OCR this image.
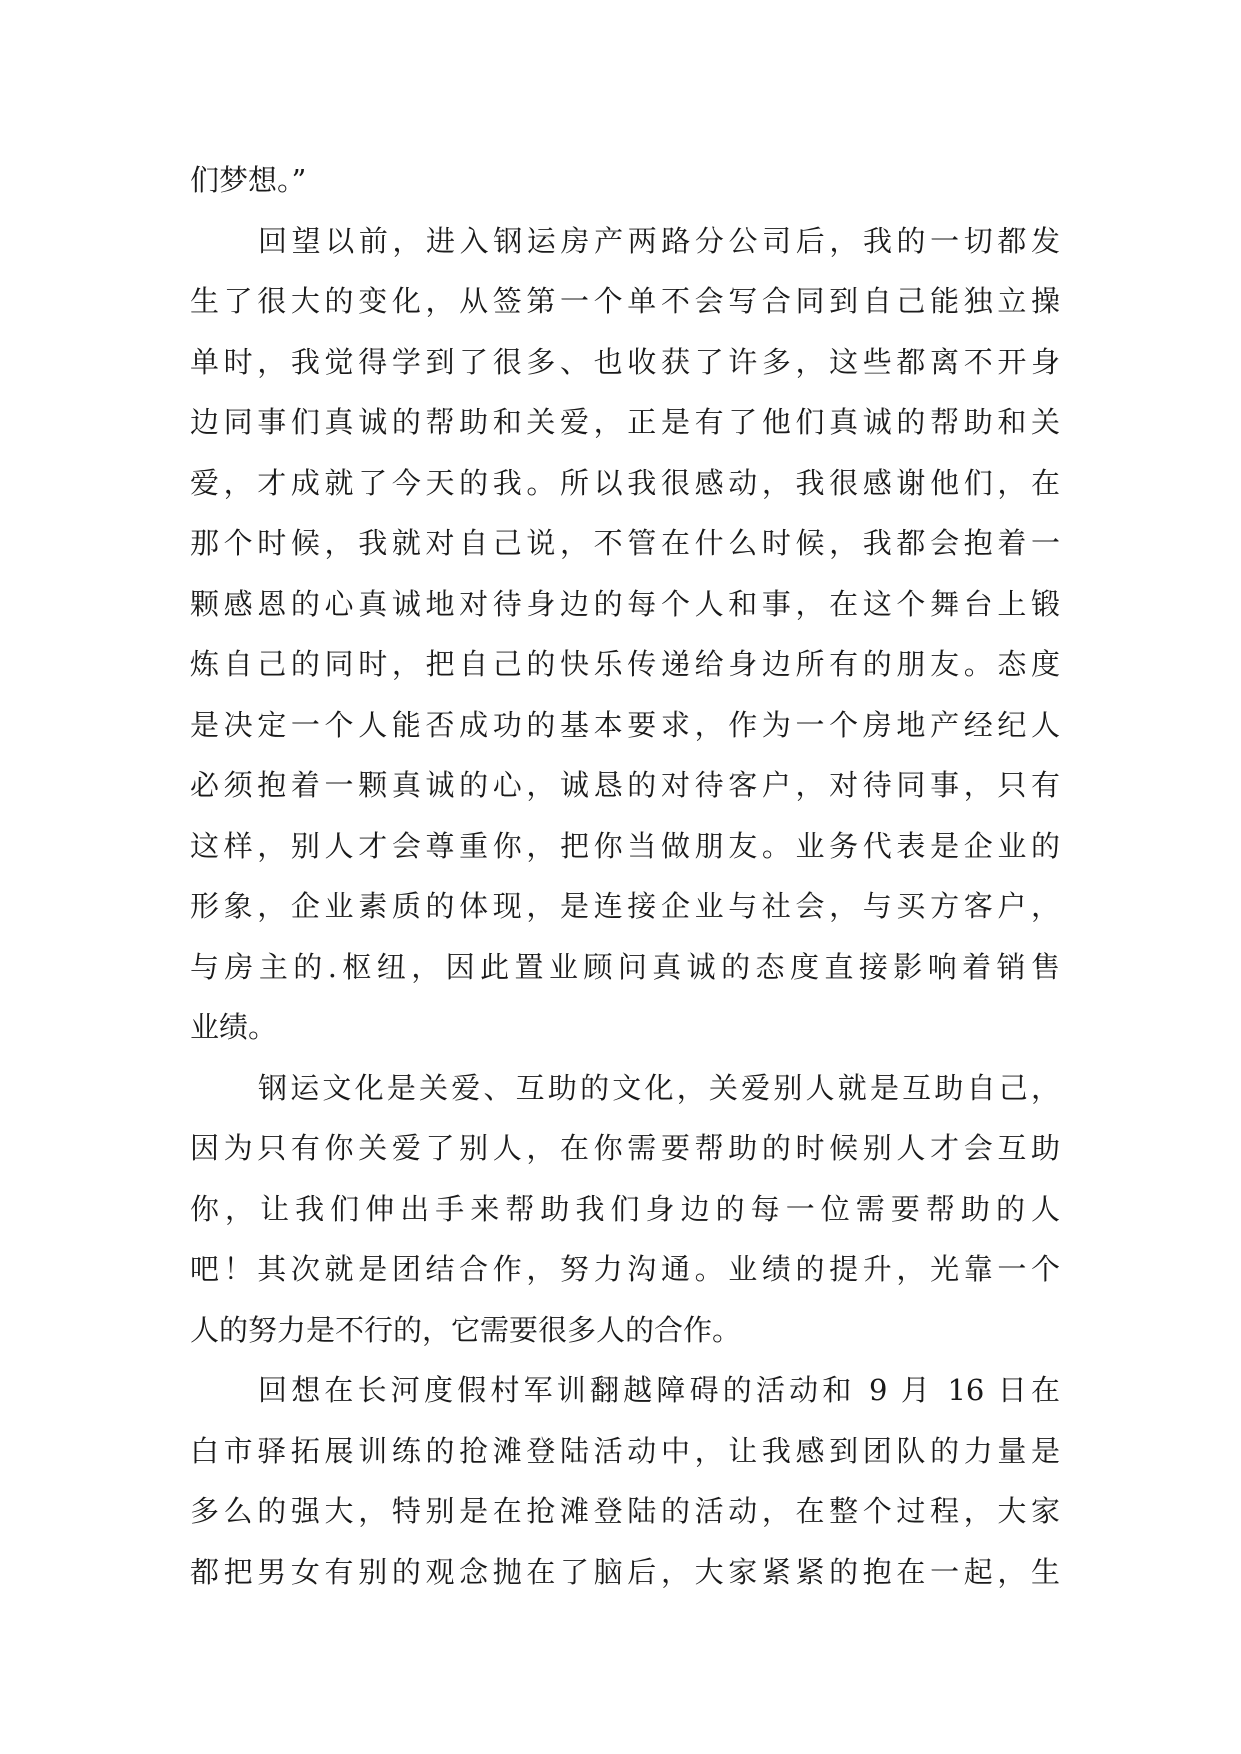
们梦想。”
回望以前，进入钢运房产两路分公司后，我的一切都发
生了很大的变化，从签第一个单不会写合同到自己能独立操
单时，我觉得学到了很多、也收获了许多，这些都离不开身
边同事们真诚的帮助和关爱，正是有了他们真诚的帮助和关
爱，才成就了今天的我。所以我很感动，我很感谢他们，在
那个时候，我就对自己说，不管在什么时候，我都会抱着一
颗感恩的心真诚地对待身边的每个人和事，在这个舞台上锻
炼自己的同时，把自己的快乐传递给身边所有的朋友。态度
是决定一个人能否成功的基本要求，作为一个房地产经纪人
必须抱着一颗真诚的心，诚恳的对待客户，对待同事，只有
这样，别人才会尊重你，把你当做朋友。业务代表是企业的
形象，企业素质的体现，是连接企业与社会，与买方客户，
与房主的.枢纽，因此置业顾问真诚的态度直接影响着销售
业绩。
钢运文化是关爱、互助的文化，关爱别人就是互助自己，
因为只有你关爱了别人，在你需要帮助的时候别人才会互助
你，让我们伸出手来帮助我们身边的每一位需要帮助的人
吧！其次就是团结合作，努力沟通。业绩的提升，光靠一个
人的努力是不行的，它需要很多人的合作。
回想在长河度假村军训翻越障碍的活动和 9 月 16 日在
白市驿拓展训练的抢滩登陆活动中，让我感到团队的力量是
多么的强大，特别是在抢滩登陆的活动，在整个过程，大家
都把男女有别的观念抛在了脑后，大家紧紧的抱在一起，生
